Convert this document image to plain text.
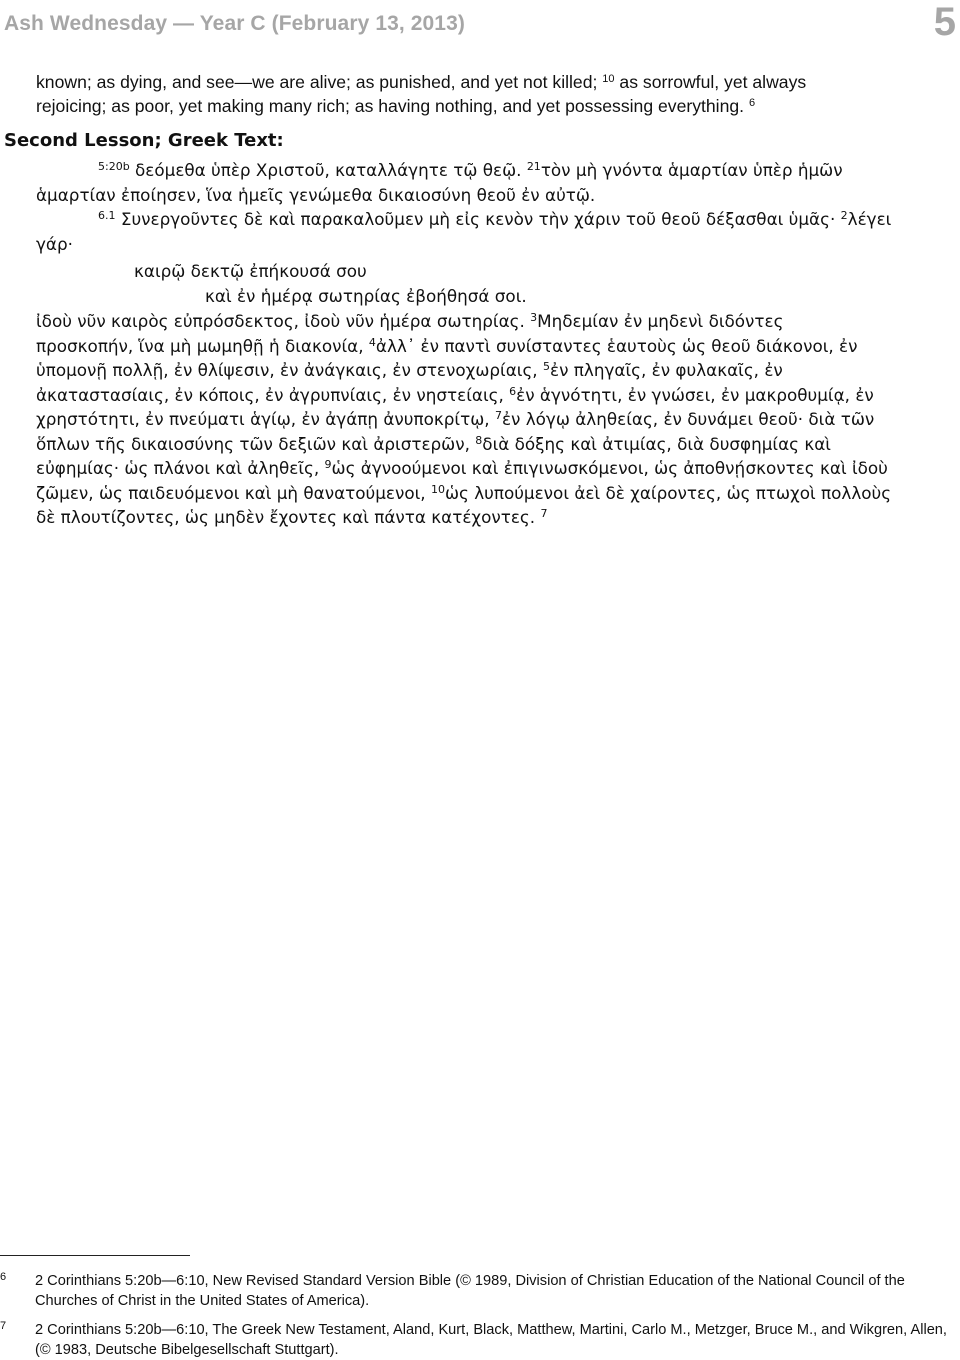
Ash Wednesday — Year C (February 13, 2013)	5
known; as dying, and see—we are alive; as punished, and yet not killed; $^{10}$ as sorrowful, yet always
rejoicing; as poor, yet making many rich; as having nothing, and yet possessing everything. $^6$
Second Lesson; Greek Text:
$^{5:20b}$ δεόμεθα ὑπὲρ Χριστοῦ, καταλλάγητε τῷ θεῷ. $^{21}$τὸν μὴ γνόντα ἁμαρτίαν ὑπὲρ ἡμῶν
ἁμαρτίαν ἐποίησεν, ἵνα ἡμεῖς γενώμεθα δικαιοσύνη θεοῦ ἐν αὐτῷ.
$^{6.1}$ Συνεργοῦντες δὲ καὶ παρακαλοῦμεν μὴ εἰς κενὸν τὴν χάριν τοῦ θεοῦ δέξασθαι ὑμᾶς· $^2$λέγει
γάρ·
καιρῷ δεκτῷ ἐπήκουσά σου
καὶ ἐν ἡμέρᾳ σωτηρίας ἐβοήθησά σοι.
ἰδοὺ νῦν καιρὸς εὐπρόσδεκτος, ἰδοὺ νῦν ἡμέρα σωτηρίας. $^3$Μηδεμίαν ἐν μηδενὶ διδόντες
προσκοπήν, ἵνα μὴ μωμηθῇ ἡ διακονία, $^4$ἀλλ᾽ ἐν παντὶ συνίσταντες ἑαυτοὺς ὡς θεοῦ διάκονοι, ἐν
ὑπομονῇ πολλῇ, ἐν θλίψεσιν, ἐν ἀνάγκαις, ἐν στενοχωρίαις, $^5$ἐν πληγαῖς, ἐν φυλακαῖς, ἐν
ἀκαταστασίαις, ἐν κόποις, ἐν ἀγρυπνίαις, ἐν νηστείαις, $^6$ἐν ἁγνότητι, ἐν γνώσει, ἐν μακροθυμίᾳ, ἐν
χρηστότητι, ἐν πνεύματι ἁγίῳ, ἐν ἀγάπῃ ἀνυποκρίτῳ, $^7$ἐν λόγῳ ἀληθείας, ἐν δυνάμει θεοῦ· διὰ τῶν
ὅπλων τῆς δικαιοσύνης τῶν δεξιῶν καὶ ἀριστερῶν, $^8$διὰ δόξης καὶ ἀτιμίας, διὰ δυσφημίας καὶ
εὐφημίας· ὡς πλάνοι καὶ ἀληθεῖς, $^9$ὡς ἀγνοούμενοι καὶ ἐπιγινωσκόμενοι, ὡς ἀποθνῄσκοντες καὶ ἰδοὺ
ζῶμεν, ὡς παιδευόμενοι καὶ μὴ θανατούμενοι, $^{10}$ὡς λυπούμενοι ἀεὶ δὲ χαίροντες, ὡς πτωχοὶ πολλοὺς
δὲ πλουτίζοντες, ὡς μηδὲν ἔχοντες καὶ πάντα κατέχοντες. $^7$
6 2 Corinthians 5:20b—6:10, New Revised Standard Version Bible (© 1989, Division of Christian Education of the National Council of the Churches of Christ in the United States of America).
7 2 Corinthians 5:20b—6:10, The Greek New Testament, Aland, Kurt, Black, Matthew, Martini, Carlo M., Metzger, Bruce M., and Wikgren, Allen, (© 1983, Deutsche Bibelgesellschaft Stuttgart).
